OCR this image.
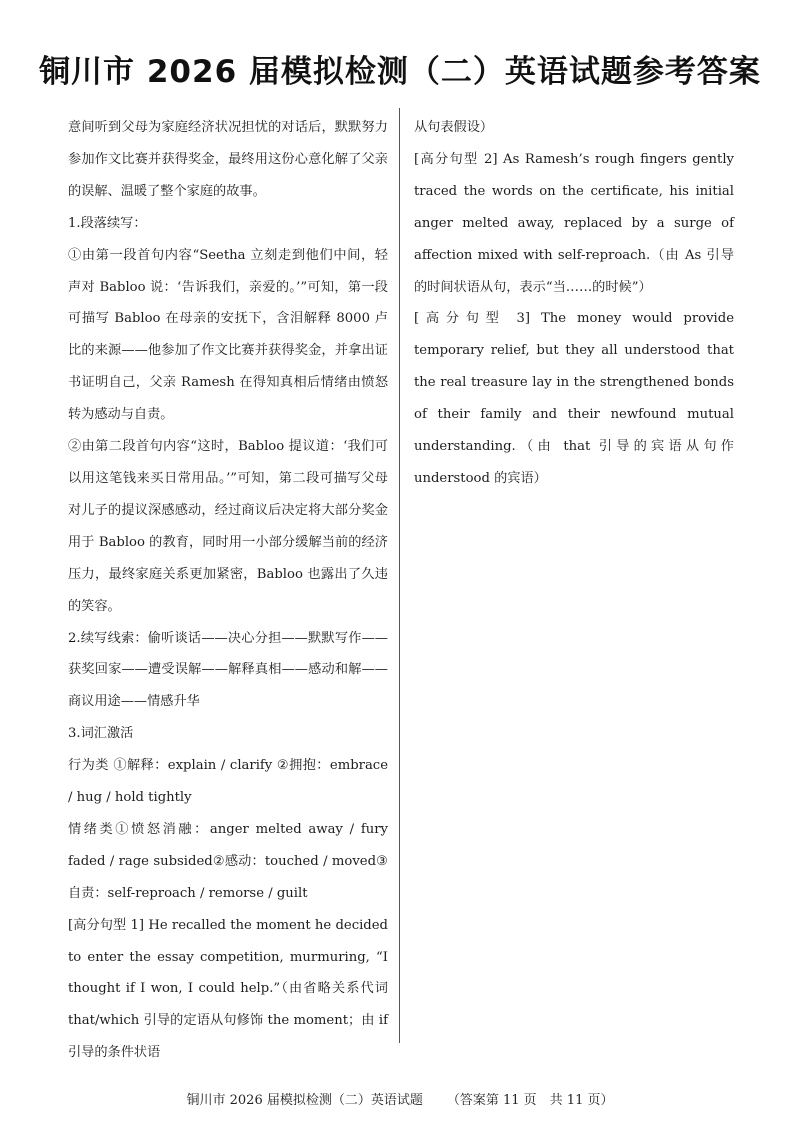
铜川市 2026 届模拟检测（二）英语试题参考答案

意间听到父母为家庭经济状况担忧的对话后，默默努力参加作文比赛并获得奖金，最终用这份心意化解了父亲的误解、温暖了整个家庭的故事。

1.段落续写：

①由第一段首句内容“Seetha 立刻走到他们中间，轻声对 Babloo 说：‘告诉我们，亲爱的。’”可知，第一段可描写 Babloo 在母亲的安抚下，含泪解释 8000 卢比的来源——他参加了作文比赛并获得奖金，并拿出证书证明自己，父亲 Ramesh 在得知真相后情绪由愤怒转为感动与自责。

②由第二段首句内容“这时，Babloo 提议道：‘我们可以用这笔钱来买日常用品。’”可知，第二段可描写父母对儿子的提议深感感动，经过商议后决定将大部分奖金用于 Babloo 的教育，同时用一小部分缓解当前的经济压力，最终家庭关系更加紧密，Babloo 也露出了久违的笑容。

2.续写线索：偷听谈话——决心分担——默默写作——获奖回家——遭受误解——解释真相——感动和解——商议用途——情感升华

3.词汇激活

行为类 ①解释：explain / clarify ②拥抱：embrace / hug / hold tightly

情绪类①愤怒消融：anger melted away / fury faded / rage subsided②感动：touched / moved③自责：self-reproach / remorse / guilt

[高分句型 1] He recalled the moment he decided to enter the essay competition, murmuring, “I thought if I won, I could help.”（由省略关系代词 that/which 引导的定语从句修饰 the moment；由 if 引导的条件状语

从句表假设）

[高分句型 2] As Ramesh’s rough fingers gently traced the words on the certificate, his initial anger melted away, replaced by a surge of affection mixed with self-reproach.（由 As 引导的时间状语从句，表示“当……的时候”）

[高分句型 3] The money would provide temporary relief, but they all understood that the real treasure lay in the strengthened bonds of their family and their newfound mutual understanding.（由 that 引导的宾语从句作 understood 的宾语）

铜川市 2026 届模拟检测（二）英语试题 （答案第 11 页　共 11 页）
